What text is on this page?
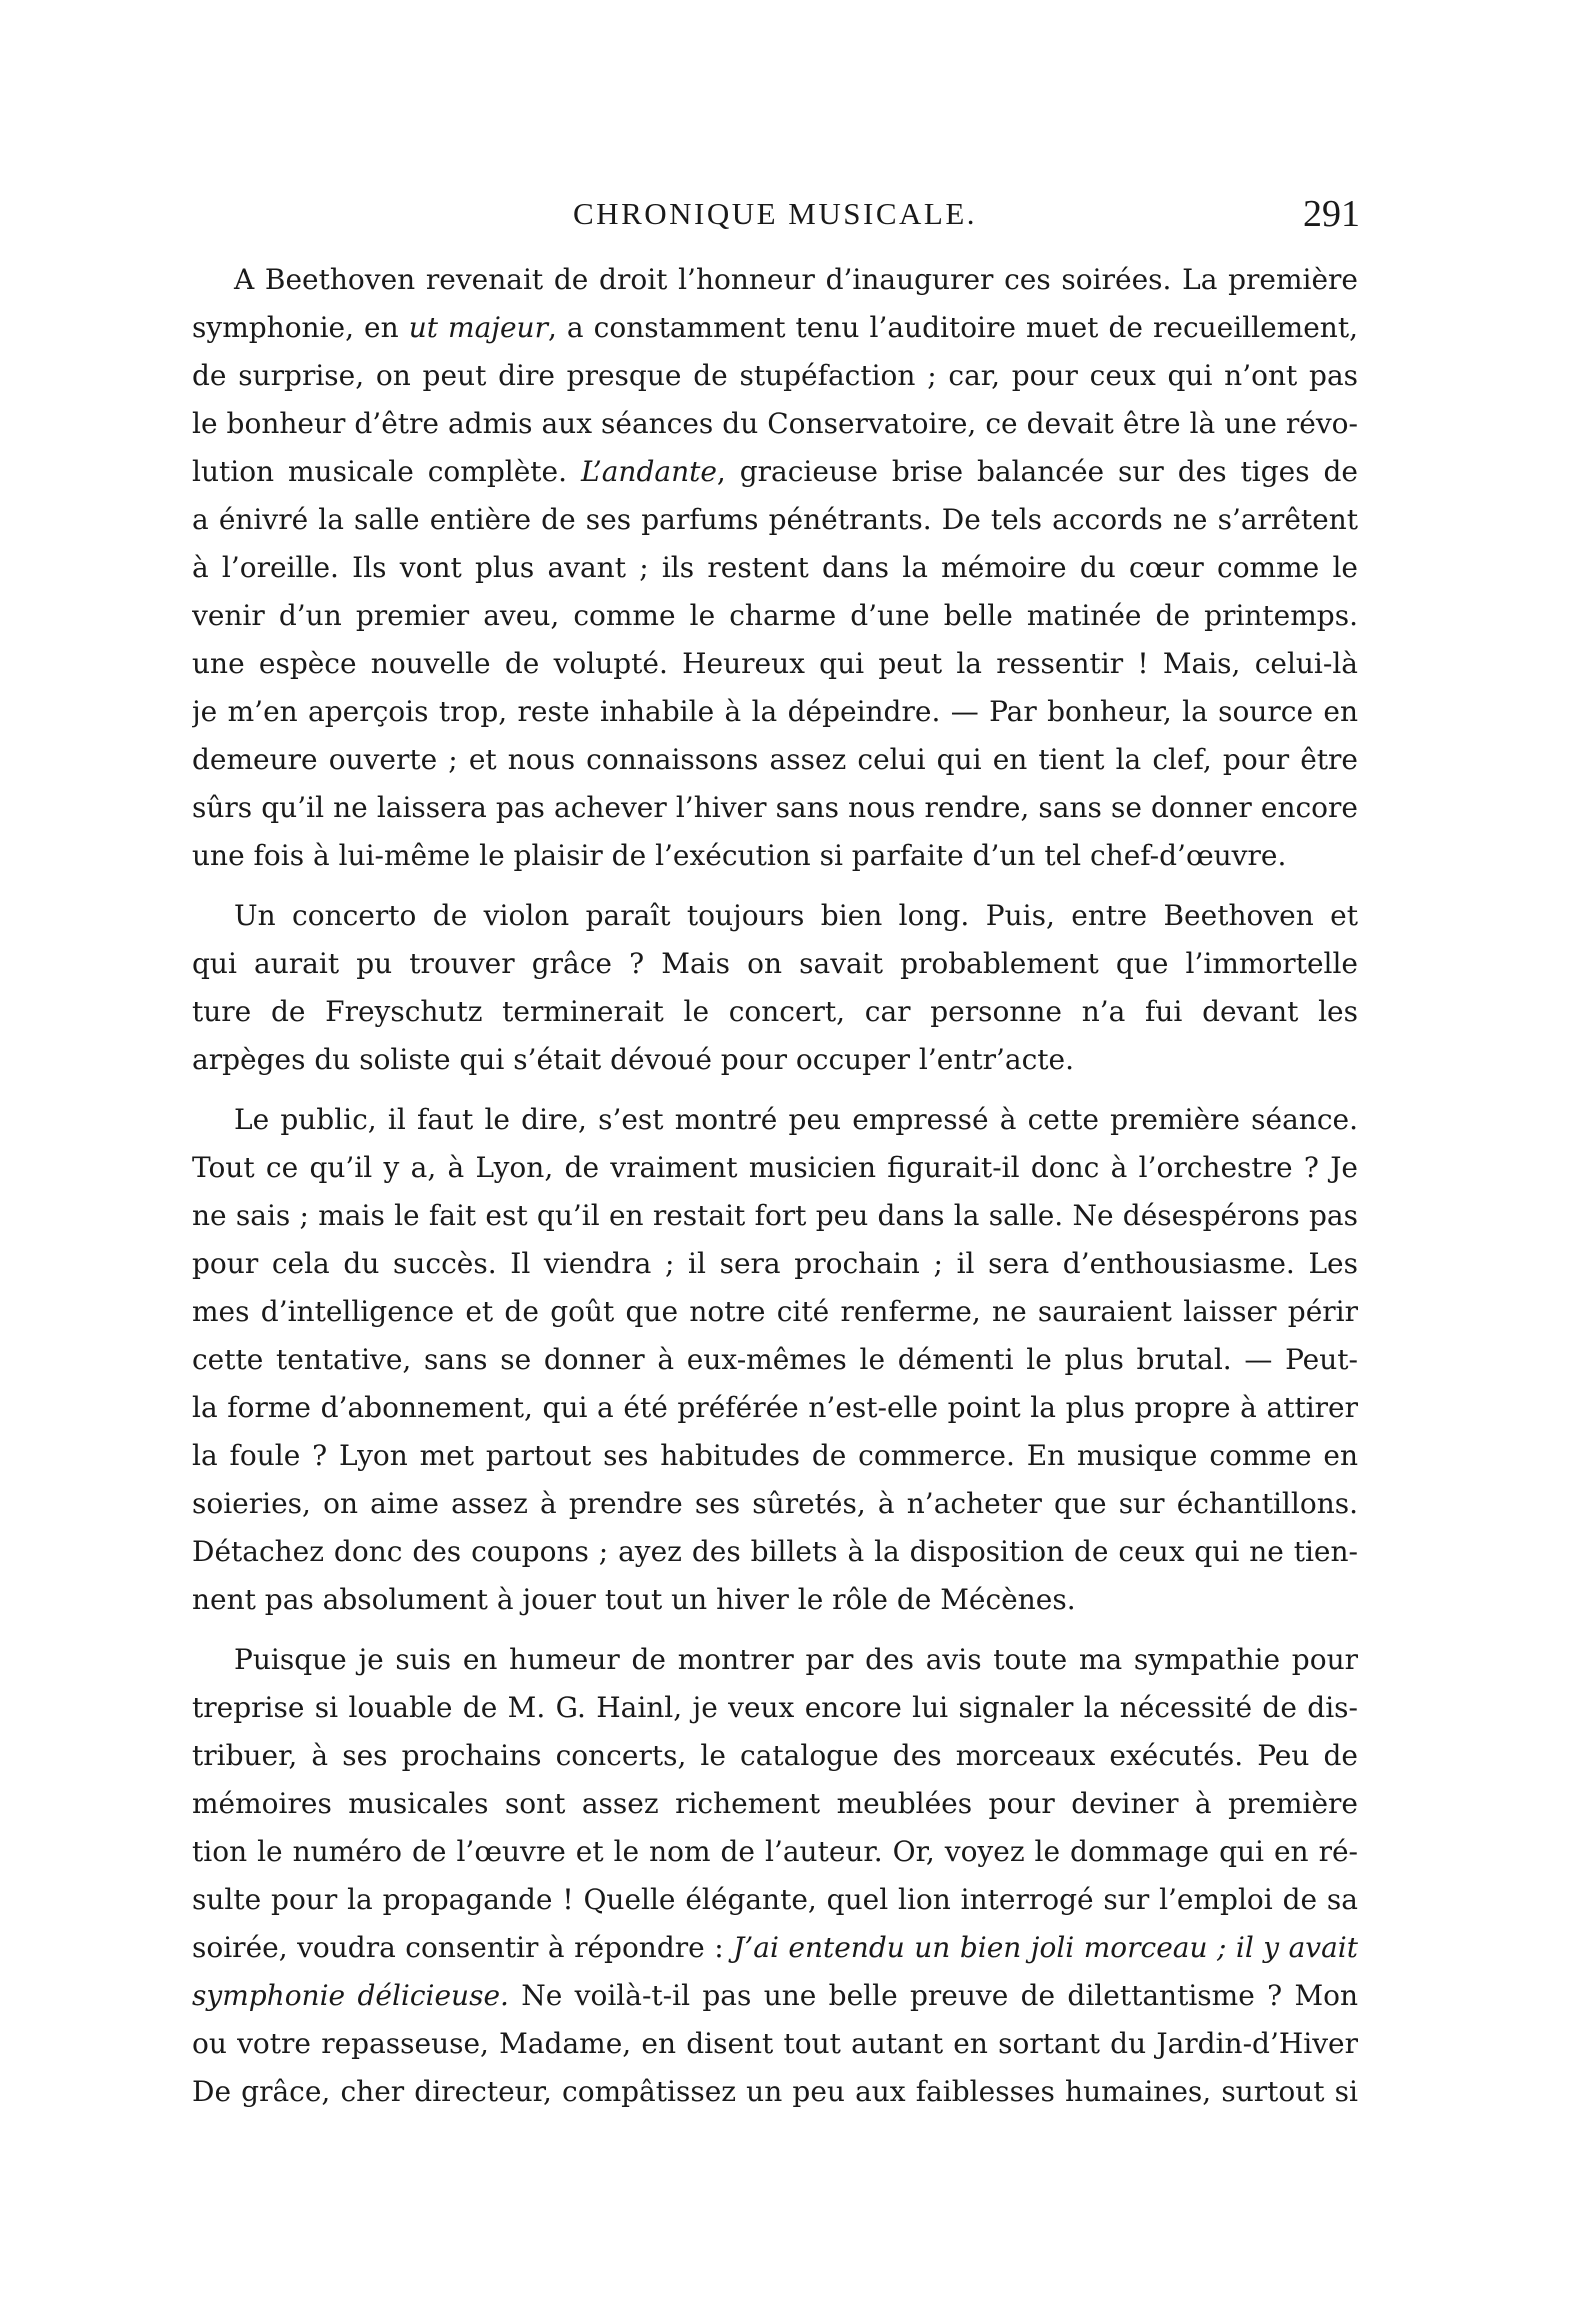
CHRONIQUE MUSICALE.	291
A Beethoven revenait de droit l’honneur d’inaugurer ces soirées. La première
symphonie, en ut majeur, a constamment tenu l’auditoire muet de recueillement,
de surprise, on peut dire presque de stupéfaction ; car, pour ceux qui n’ont pas
le bonheur d’être admis aux séances du Conservatoire, ce devait être là une révo-
lution musicale complète. L’andante, gracieuse brise balancée sur des tiges de
a énivré la salle entière de ses parfums pénétrants. De tels accords ne s’arrêtent
à l’oreille. Ils vont plus avant ; ils restent dans la mémoire du cœur comme le
venir d’un premier aveu, comme le charme d’une belle matinée de printemps.
une espèce nouvelle de volupté. Heureux qui peut la ressentir ! Mais, celui-là
je m’en aperçois trop, reste inhabile à la dépeindre. — Par bonheur, la source en
demeure ouverte ; et nous connaissons assez celui qui en tient la clef, pour être
sûrs qu’il ne laissera pas achever l’hiver sans nous rendre, sans se donner encore
une fois à lui-même le plaisir de l’exécution si parfaite d’un tel chef-d’œuvre.
Un concerto de violon paraît toujours bien long. Puis, entre Beethoven et
qui aurait pu trouver grâce ? Mais on savait probablement que l’immortelle
ture de Freyschutz terminerait le concert, car personne n’a fui devant les
arpèges du soliste qui s’était dévoué pour occuper l’entr’acte.
Le public, il faut le dire, s’est montré peu empressé à cette première séance.
Tout ce qu’il y a, à Lyon, de vraiment musicien figurait-il donc à l’orchestre ? Je
ne sais ; mais le fait est qu’il en restait fort peu dans la salle. Ne désespérons pas
pour cela du succès. Il viendra ; il sera prochain ; il sera d’enthousiasme. Les
mes d’intelligence et de goût que notre cité renferme, ne sauraient laisser périr
cette tentative, sans se donner à eux-mêmes le démenti le plus brutal. — Peut-
la forme d’abonnement, qui a été préférée n’est-elle point la plus propre à attirer
la foule ? Lyon met partout ses habitudes de commerce. En musique comme en
soieries, on aime assez à prendre ses sûretés, à n’acheter que sur échantillons.
Détachez donc des coupons ; ayez des billets à la disposition de ceux qui ne tien-
nent pas absolument à jouer tout un hiver le rôle de Mécènes.
Puisque je suis en humeur de montrer par des avis toute ma sympathie pour
treprise si louable de M. G. Hainl, je veux encore lui signaler la nécessité de dis-
tribuer, à ses prochains concerts, le catalogue des morceaux exécutés. Peu de
mémoires musicales sont assez richement meublées pour deviner à première
tion le numéro de l’œuvre et le nom de l’auteur. Or, voyez le dommage qui en ré-
sulte pour la propagande ! Quelle élégante, quel lion interrogé sur l’emploi de sa
soirée, voudra consentir à répondre : J’ai entendu un bien joli morceau ; il y avait
symphonie délicieuse. Ne voilà-t-il pas une belle preuve de dilettantisme ? Mon
ou votre repasseuse, Madame, en disent tout autant en sortant du Jardin-d’Hiver
De grâce, cher directeur, compâtissez un peu aux faiblesses humaines, surtout si
